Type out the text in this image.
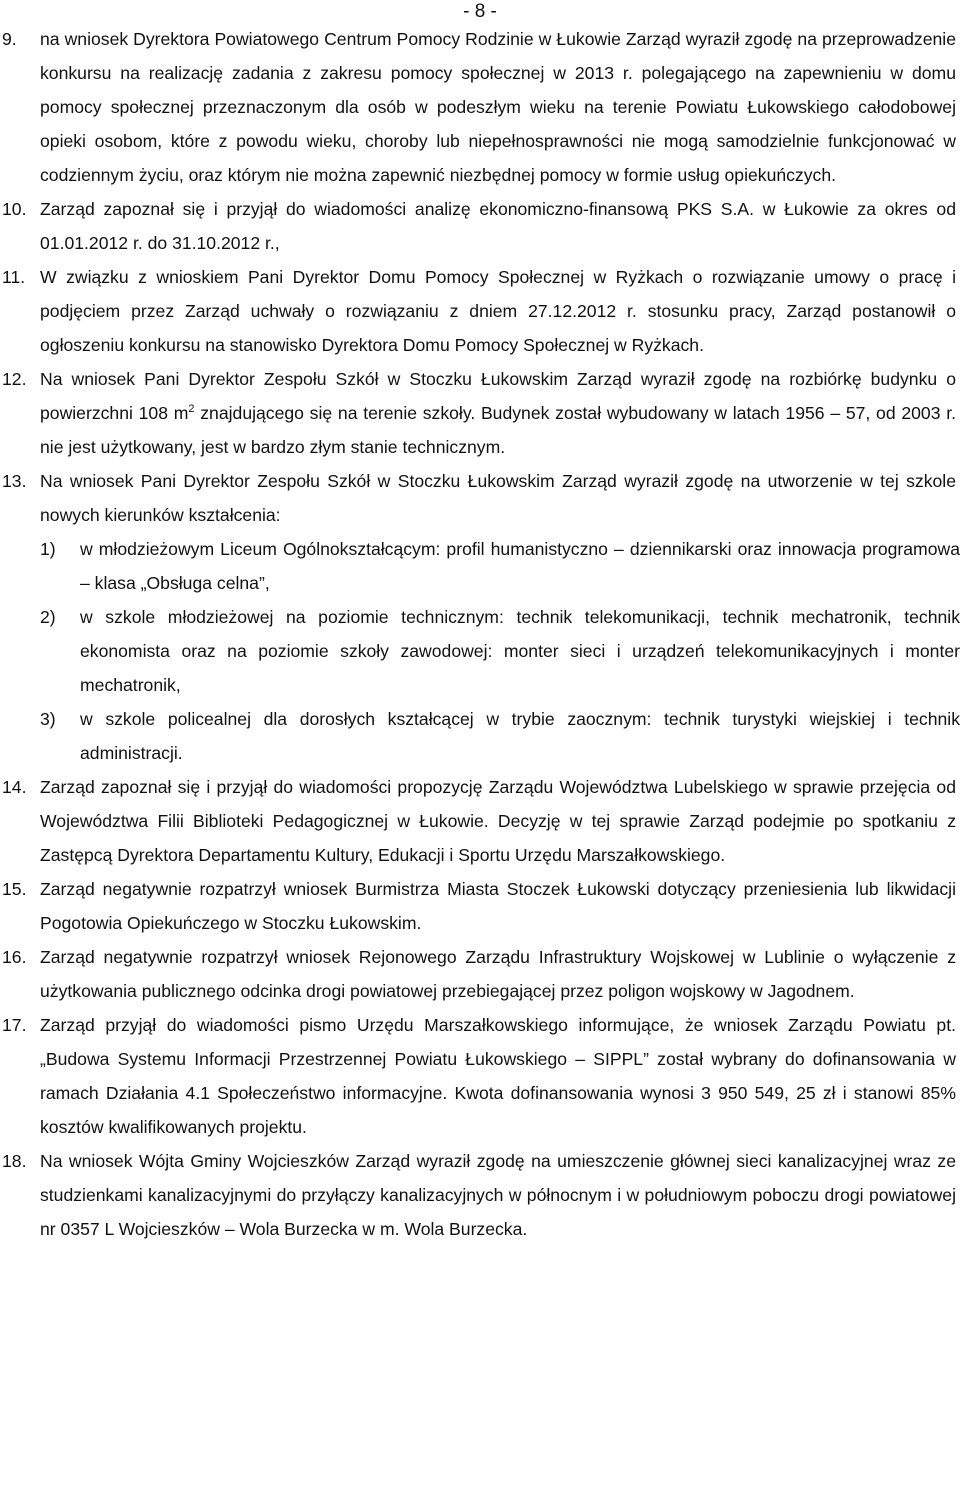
- 8 -
9. na wniosek Dyrektora Powiatowego Centrum Pomocy Rodzinie w Łukowie Zarząd wyraził zgodę na przeprowadzenie konkursu na realizację zadania z zakresu pomocy społecznej w 2013 r. polegającego na zapewnieniu w domu pomocy społecznej przeznaczonym dla osób w podeszłym wieku na terenie Powiatu Łukowskiego całodobowej opieki osobom, które z powodu wieku, choroby lub niepełnosprawności nie mogą samodzielnie funkcjonować w codziennym życiu, oraz którym nie można zapewnić niezbędnej pomocy w formie usług opiekuńczych.
10. Zarząd zapoznał się i przyjął do wiadomości analizę ekonomiczno-finansową PKS S.A. w Łukowie za okres od 01.01.2012 r. do 31.10.2012 r.,
11. W związku z wnioskiem Pani Dyrektor Domu Pomocy Społecznej w Ryżkach o rozwiązanie umowy o pracę i podjęciem przez Zarząd uchwały o rozwiązaniu z dniem 27.12.2012 r. stosunku pracy, Zarząd postanowił o ogłoszeniu konkursu na stanowisko Dyrektora Domu Pomocy Społecznej w Ryżkach.
12. Na wniosek Pani Dyrektor Zespołu Szkół w Stoczku Łukowskim Zarząd wyraził zgodę na rozbiórkę budynku o powierzchni 108 $m^2$ znajdującego się na terenie szkoły. Budynek został wybudowany w latach 1956 – 57, od 2003 r. nie jest użytkowany, jest w bardzo złym stanie technicznym.
13. Na wniosek Pani Dyrektor Zespołu Szkół w Stoczku Łukowskim Zarząd wyraził zgodę na utworzenie w tej szkole nowych kierunków kształcenia:
1) w młodzieżowym Liceum Ogólnokształcącym: profil humanistyczno – dziennikarski oraz innowacja programowa – klasa „Obsługa celna”,
2) w szkole młodzieżowej na poziomie technicznym: technik telekomunikacji, technik mechatronik, technik ekonomista oraz na poziomie szkoły zawodowej: monter sieci i urządzeń telekomunikacyjnych i monter mechatronik,
3) w szkole policealnej dla dorosłych kształcącej w trybie zaocznym: technik turystyki wiejskiej i technik administracji.
14. Zarząd zapoznał się i przyjął do wiadomości propozycję Zarządu Województwa Lubelskiego w sprawie przejęcia od Województwa Filii Biblioteki Pedagogicznej w Łukowie. Decyzję w tej sprawie Zarząd podejmie po spotkaniu z Zastępcą Dyrektora Departamentu Kultury, Edukacji i Sportu Urzędu Marszałkowskiego.
15. Zarząd negatywnie rozpatrzył wniosek Burmistrza Miasta Stoczek Łukowski dotyczący przeniesienia lub likwidacji Pogotowia Opiekuńczego w Stoczku Łukowskim.
16. Zarząd negatywnie rozpatrzył wniosek Rejonowego Zarządu Infrastruktury Wojskowej w Lublinie o wyłączenie z użytkowania publicznego odcinka drogi powiatowej przebiegającej przez poligon wojskowy w Jagodnem.
17. Zarząd przyjął do wiadomości pismo Urzędu Marszałkowskiego informujące, że wniosek Zarządu Powiatu pt. „Budowa Systemu Informacji Przestrzennej Powiatu Łukowskiego – SIPPL” został wybrany do dofinansowania w ramach Działania 4.1 Społeczeństwo informacyjne. Kwota dofinansowania wynosi 3 950 549, 25 zł i stanowi 85% kosztów kwalifikowanych projektu.
18. Na wniosek Wójta Gminy Wojcieszków Zarząd wyraził zgodę na umieszczenie głównej sieci kanalizacyjnej wraz ze studzienkami kanalizacyjnymi do przyłączy kanalizacyjnych w północnym i w południowym poboczu drogi powiatowej nr 0357 L Wojcieszków – Wola Burzecka w m. Wola Burzecka.
